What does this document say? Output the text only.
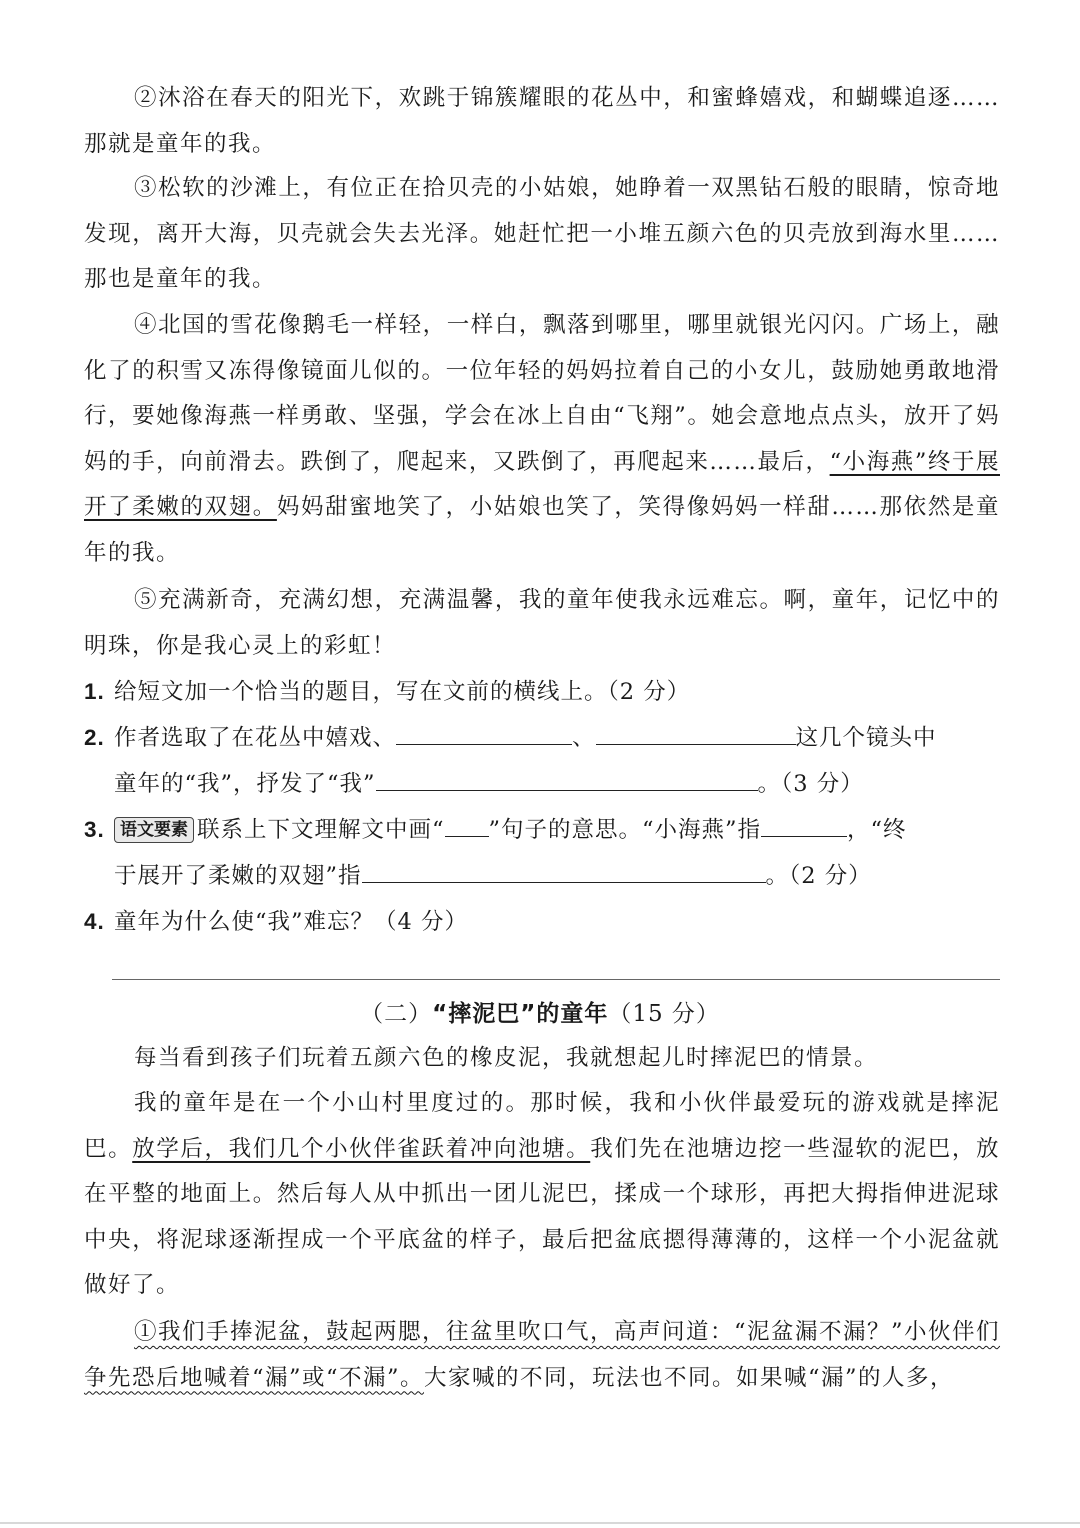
②沐浴在春天的阳光下，欢跳于锦簇耀眼的花丛中，和蜜蜂嬉戏，和蝴蝶追逐……那就是童年的我。

③松软的沙滩上，有位正在拾贝壳的小姑娘，她睁着一双黑钻石般的眼睛，惊奇地发现，离开大海，贝壳就会失去光泽。她赶忙把一小堆五颜六色的贝壳放到海水里……那也是童年的我。

④北国的雪花像鹅毛一样轻，一样白，飘落到哪里，哪里就银光闪闪。广场上，融化了的积雪又冻得像镜面儿似的。一位年轻的妈妈拉着自己的小女儿，鼓励她勇敢地滑行，要她像海燕一样勇敢、坚强，学会在冰上自由“飞翔”。她会意地点点头，放开了妈妈的手，向前滑去。跌倒了，爬起来，又跌倒了，再爬起来……最后，“小海燕”终于展开了柔嫩的双翅。妈妈甜蜜地笑了，小姑娘也笑了，笑得像妈妈一样甜……那依然是童年的我。

⑤充满新奇，充满幻想，充满温馨，我的童年使我永远难忘。啊，童年，记忆中的明珠，你是我心灵上的彩虹！

1. 给短文加一个恰当的题目，写在文前的横线上。（2 分）

2. 作者选取了在花丛中嬉戏、	、	这几个镜头中
童年的“我”，抒发了“我”	。（3 分）
3. 语文要素 联系上下文理解文中画“ ”句子的意思。“小海燕”指	，“终
于展开了柔嫩的双翅”指	。（2 分）

4. 童年为什么使“我”难忘？（4 分）

（二）“摔泥巴”的童年（15 分）

每当看到孩子们玩着五颜六色的橡皮泥，我就想起儿时摔泥巴的情景。

我的童年是在一个小山村里度过的。那时候，我和小伙伴最爱玩的游戏就是摔泥巴。放学后，我们几个小伙伴雀跃着冲向池塘。我们先在池塘边挖一些湿软的泥巴，放在平整的地面上。然后每人从中抓出一团儿泥巴，揉成一个球形，再把大拇指伸进泥球中央，将泥球逐渐捏成一个平底盆的样子，最后把盆底摁得薄薄的，这样一个小泥盆就做好了。

①我们手捧泥盆，鼓起两腮，往盆里吹口气，高声问道：“泥盆漏不漏？”小伙伴们争先恐后地喊着“漏”或“不漏”。大家喊的不同，玩法也不同。如果喊“漏”的人多，
